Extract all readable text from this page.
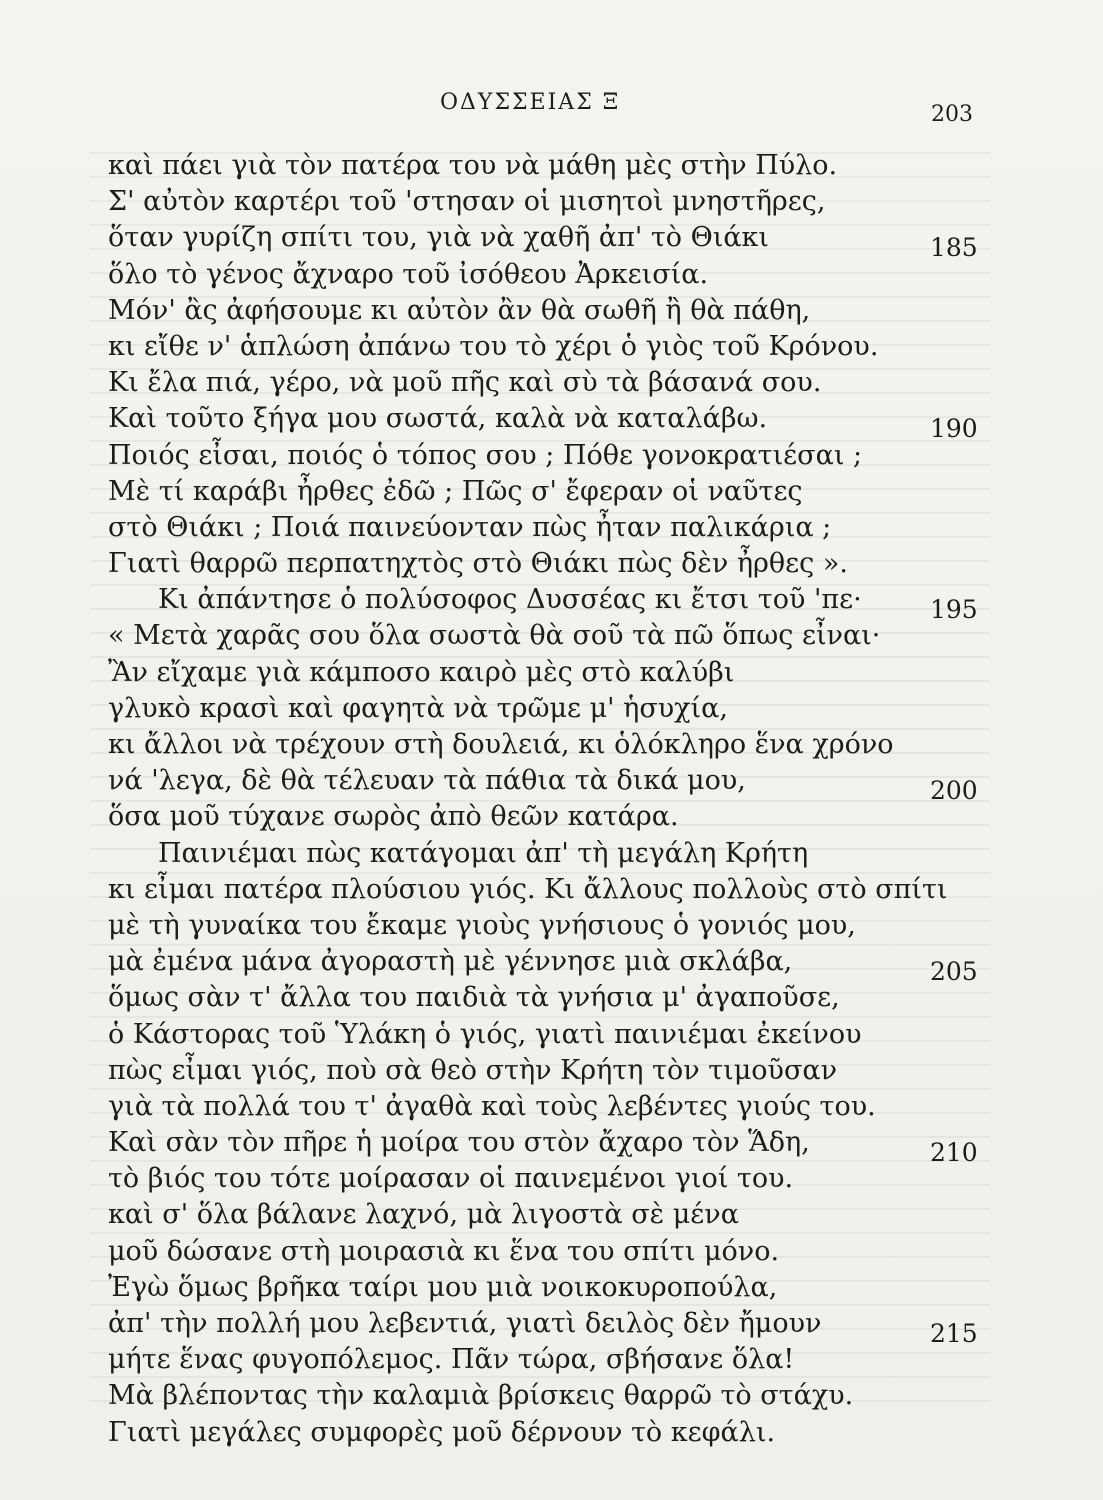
ΟΔΥΣΣΕΙΑΣ Ξ	203
καὶ πάει γιὰ τὸν πατέρα του νὰ μάθη μὲς στὴν Πύλο.
Σ' αὐτὸν καρτέρι τοῦ 'στησαν οἱ μισητοὶ μνηστῆρες,
ὅταν γυρίζη σπίτι του, γιὰ νὰ χαθῆ ἀπ' τὸ Θιάκι	185
ὅλο τὸ γένος ἄχναρο τοῦ ἰσόθεου Ἀρκεισία.
Μόν' ἂς ἀφήσουμε κι αὐτὸν ἂν θὰ σωθῆ ἢ θὰ πάθη,
κι εἴθε ν' ἁπλώση ἀπάνω του τὸ χέρι ὁ γιὸς τοῦ Κρόνου.
Κι ἔλα πιά, γέρο, νὰ μοῦ πῆς καὶ σὺ τὰ βάσανά σου.
Καὶ τοῦτο ξήγα μου σωστά, καλὰ νὰ καταλάβω.	190
Ποιός εἶσαι, ποιός ὁ τόπος σου ; Πόθε γονοκρατιέσαι ;
Μὲ τί καράβι ἦρθες ἐδῶ ; Πῶς σ' ἔφεραν οἱ ναῦτες
στὸ Θιάκι ; Ποιά παινεύονταν πὼς ἦταν παλικάρια ;
Γιατὶ θαρρῶ περπατηχτὸς στὸ Θιάκι πὼς δὲν ἦρθες ».
Κι ἀπάντησε ὁ πολύσοφος Δυσσέας κι ἔτσι τοῦ 'πε·	195
« Μετὰ χαρᾶς σου ὅλα σωστὰ θὰ σοῦ τὰ πῶ ὅπως εἶναι·
Ἂν εἴχαμε γιὰ κάμποσο καιρὸ μὲς στὸ καλύβι
γλυκὸ κρασὶ καὶ φαγητὰ νὰ τρῶμε μ' ἡσυχία,
κι ἄλλοι νὰ τρέχουν στὴ δουλειά, κι ὁλόκληρο ἕνα χρόνο
νά 'λεγα, δὲ θὰ τέλευαν τὰ πάθια τὰ δικά μου,	200
ὅσα μοῦ τύχανε σωρὸς ἀπὸ θεῶν κατάρα.
Παινιέμαι πὼς κατάγομαι ἀπ' τὴ μεγάλη Κρήτη
κι εἶμαι πατέρα πλούσιου γιός. Κι ἄλλους πολλοὺς στὸ σπίτι
μὲ τὴ γυναίκα του ἔκαμε γιοὺς γνήσιους ὁ γονιός μου,
μὰ ἐμένα μάνα ἀγοραστὴ μὲ γέννησε μιὰ σκλάβα,	205
ὅμως σὰν τ' ἄλλα του παιδιὰ τὰ γνήσια μ' ἀγαποῦσε,
ὁ Κάστορας τοῦ Ὑλάκη ὁ γιός, γιατὶ παινιέμαι ἐκείνου
πὼς εἶμαι γιός, ποὺ σὰ θεὸ στὴν Κρήτη τὸν τιμοῦσαν
γιὰ τὰ πολλά του τ' ἀγαθὰ καὶ τοὺς λεβέντες γιούς του.
Καὶ σὰν τὸν πῆρε ἡ μοίρα του στὸν ἄχαρο τὸν Ἅδη,	210
τὸ βιός του τότε μοίρασαν οἱ παινεμένοι γιοί του.
καὶ σ' ὅλα βάλανε λαχνό, μὰ λιγοστὰ σὲ μένα
μοῦ δώσανε στὴ μοιρασιὰ κι ἕνα του σπίτι μόνο.
Ἐγὼ ὅμως βρῆκα ταίρι μου μιὰ νοικοκυροπούλα,
ἀπ' τὴν πολλή μου λεβεντιά, γιατὶ δειλὸς δὲν ἤμουν	215
μήτε ἕνας φυγοπόλεμος. Πᾶν τώρα, σβήσανε ὅλα!
Μὰ βλέποντας τὴν καλαμιὰ βρίσκεις θαρρῶ τὸ στάχυ.
Γιατὶ μεγάλες συμφορὲς μοῦ δέρνουν τὸ κεφάλι.
